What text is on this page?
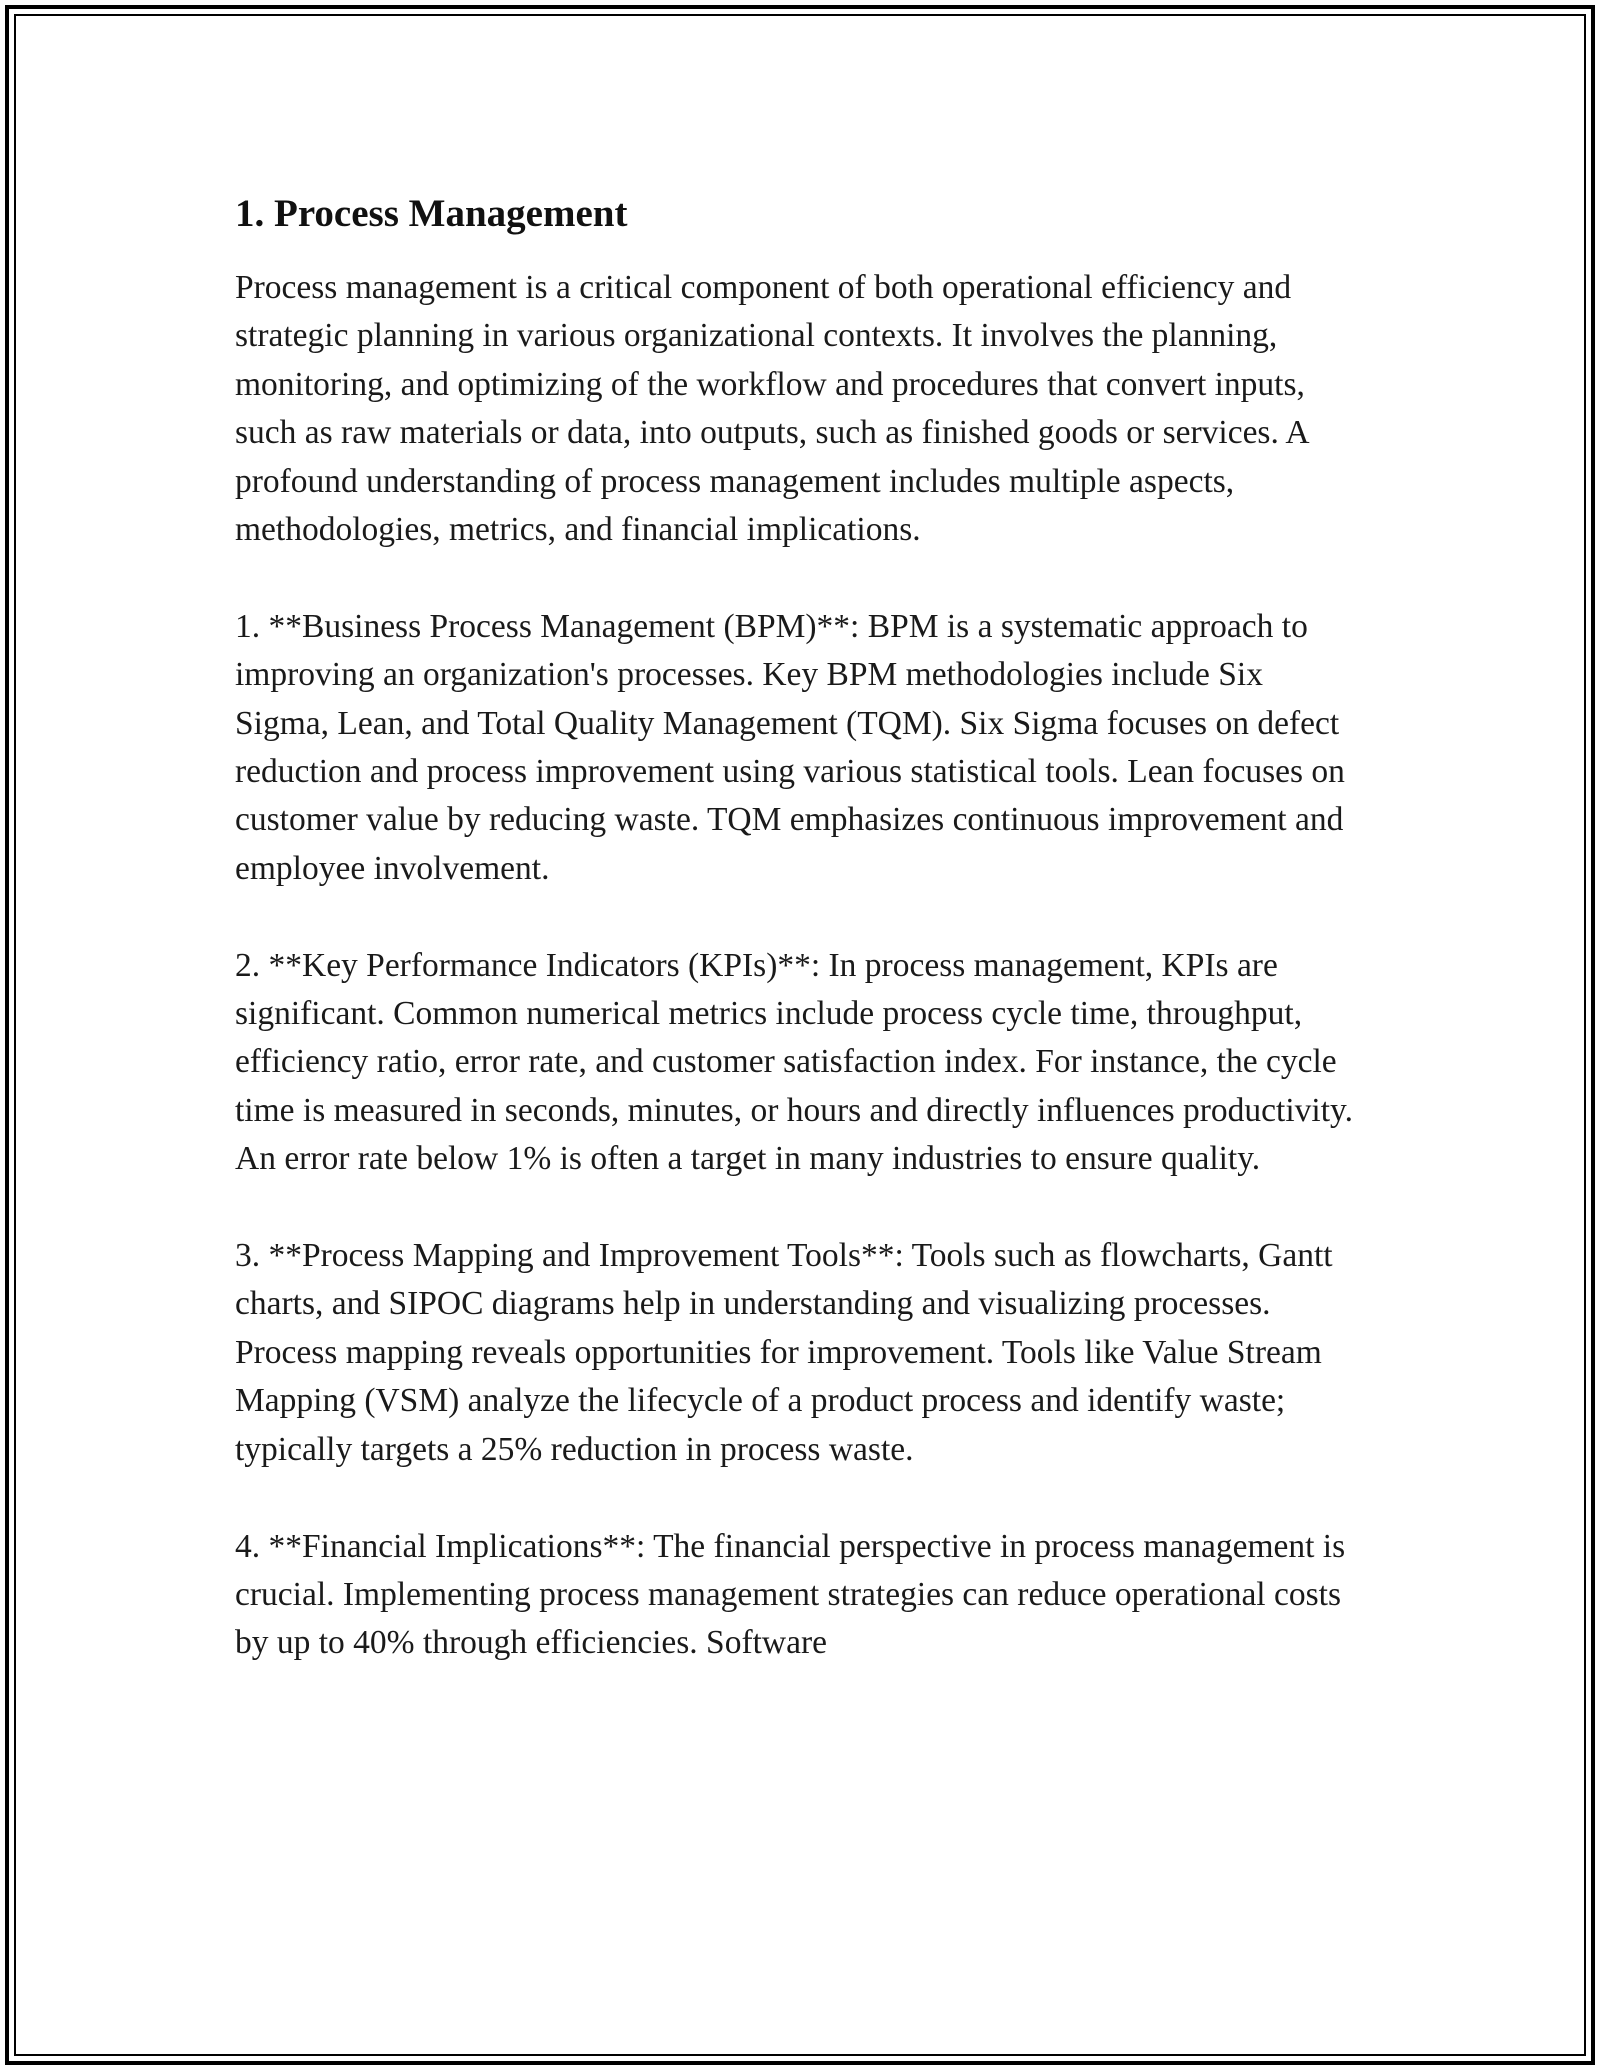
1. Process Management

Process management is a critical component of both operational efficiency and strategic planning in various organizational contexts. It involves the planning, monitoring, and optimizing of the workflow and procedures that convert inputs, such as raw materials or data, into outputs, such as finished goods or services. A profound understanding of process management includes multiple aspects, methodologies, metrics, and financial implications.

1. **Business Process Management (BPM)**: BPM is a systematic approach to improving an organization's processes. Key BPM methodologies include Six Sigma, Lean, and Total Quality Management (TQM). Six Sigma focuses on defect reduction and process improvement using various statistical tools. Lean focuses on customer value by reducing waste. TQM emphasizes continuous improvement and employee involvement.

2. **Key Performance Indicators (KPIs)**: In process management, KPIs are significant. Common numerical metrics include process cycle time, throughput, efficiency ratio, error rate, and customer satisfaction index. For instance, the cycle time is measured in seconds, minutes, or hours and directly influences productivity. An error rate below 1% is often a target in many industries to ensure quality.

3. **Process Mapping and Improvement Tools**: Tools such as flowcharts, Gantt charts, and SIPOC diagrams help in understanding and visualizing processes. Process mapping reveals opportunities for improvement. Tools like Value Stream Mapping (VSM) analyze the lifecycle of a product process and identify waste; typically targets a 25% reduction in process waste.

4. **Financial Implications**: The financial perspective in process management is crucial. Implementing process management strategies can reduce operational costs by up to 40% through efficiencies. Software
